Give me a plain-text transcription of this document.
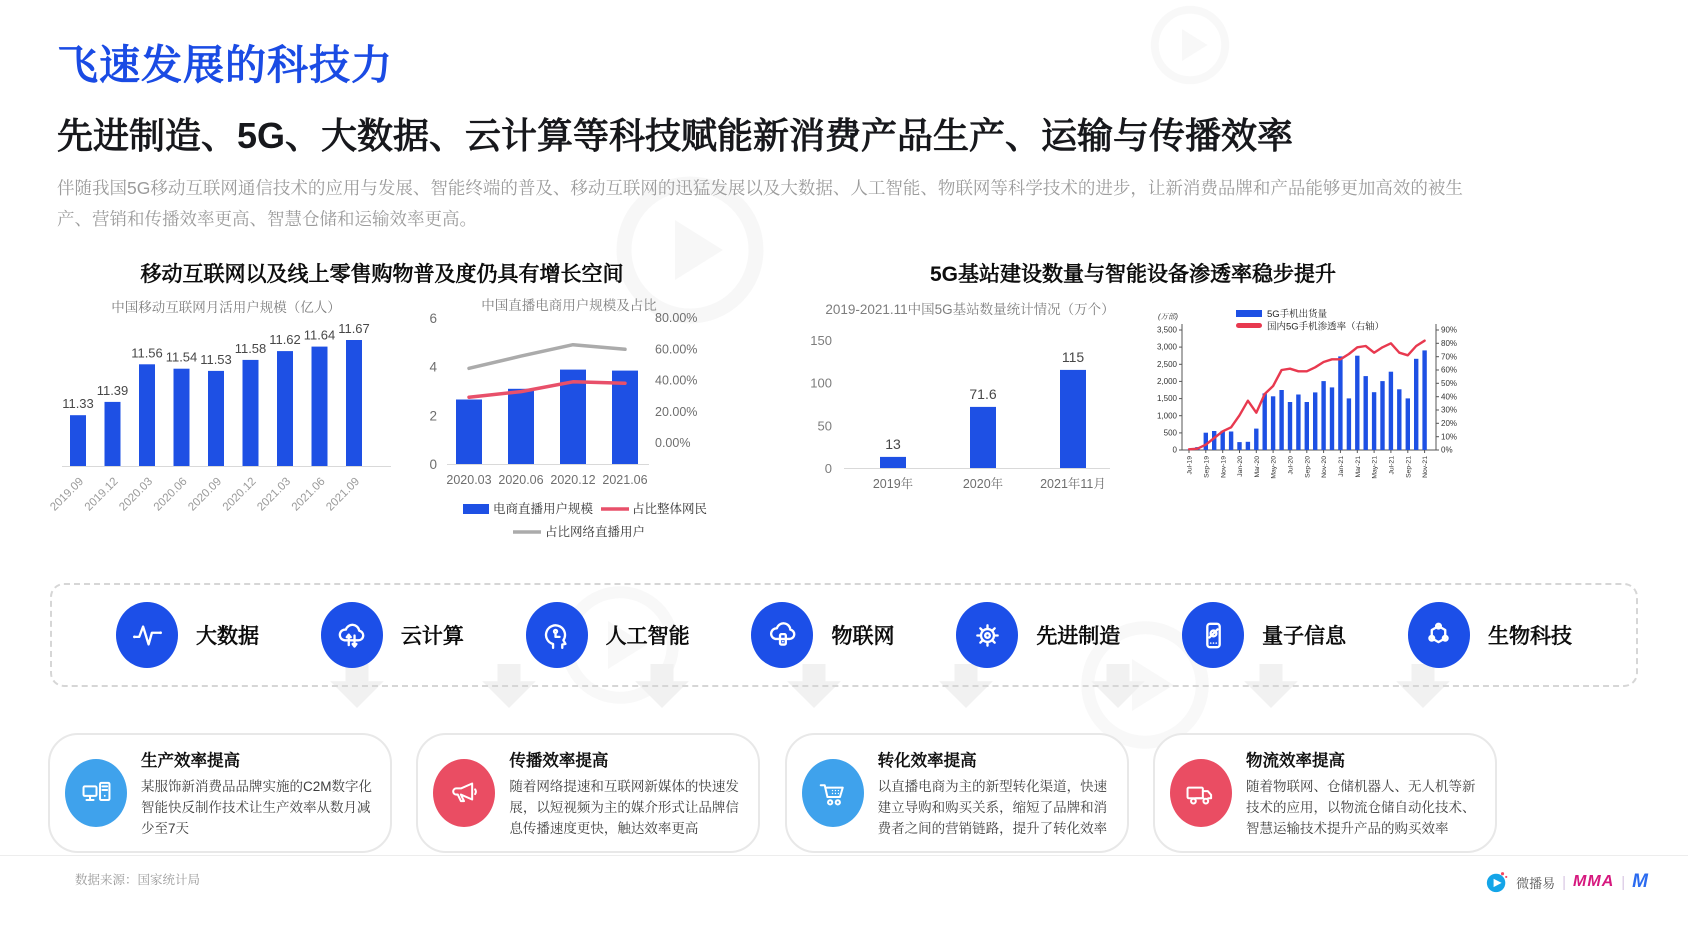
飞速发展的科技力
先进制造、5G、大数据、云计算等科技赋能新消费产品生产、运输与传播效率
伴随我国5G移动互联网通信技术的应用与发展、智能终端的普及、移动互联网的迅猛发展以及大数据、人工智能、物联网等科学技术的进步，让新消费品牌和产品能够更加高效的被生产、营销和传播效率更高、智慧仓储和运输效率更高。
移动互联网以及线上零售购物普及度仍具有增长空间
中国移动互联网月活用户规模（亿人）
11.33
2019.09
11.39
2019.12
11.56
2020.03
11.54
2020.06
11.53
2020.09
11.58
2020.12
11.62
2021.03
11.64
2021.06
11.67
2021.09
中国直播电商用户规模及占比
0
2
4
6
0.00%
20.00%
40.00%
60.00%
80.00%
2020.03 2020.06 2020.12 2021.06
电商直播用户规模	占比整体网民
占比网络直播用户
5G基站建设数量与智能设备渗透率稳步提升
2019-2021.11中国5G基站数量统计情况（万个）
0
50
100
150
13
2019年
71.6
2020年
115
2021年11月
(万部)
0
500
1,000
1,500
2,000
2,500
3,000
3,500
0%
10%
20%
30%
40%
50%
60%
70%
80%
90%
5G手机出货量
国内5G手机渗透率（右轴）
Jul-19 Sep-19 Nov-19 Jan-20 Mar-20 May-20 Jul-20 Sep-20 Nov-20 Jan-21 Mar-21 May-21 Jul-21 Sep-21 Nov-21
大数据	云计算	人工智能	物联网	先进制造	量子信息	生物科技
生产效率提高
某服饰新消费品品牌实施的C2M数字化智能快反制作技术让生产效率从数月减少至7天
传播效率提高
随着网络提速和互联网新媒体的快速发展，以短视频为主的媒介形式让品牌信息传播速度更快，触达效率更高
转化效率提高
以直播电商为主的新型转化渠道，快速建立导购和购买关系，缩短了品牌和消费者之间的营销链路，提升了转化效率
物流效率提高
随着物联网、仓储机器人、无人机等新技术的应用，以物流仓储自动化技术、智慧运输技术提升产品的购买效率
数据来源：国家统计局	微播易 | MMA | M
